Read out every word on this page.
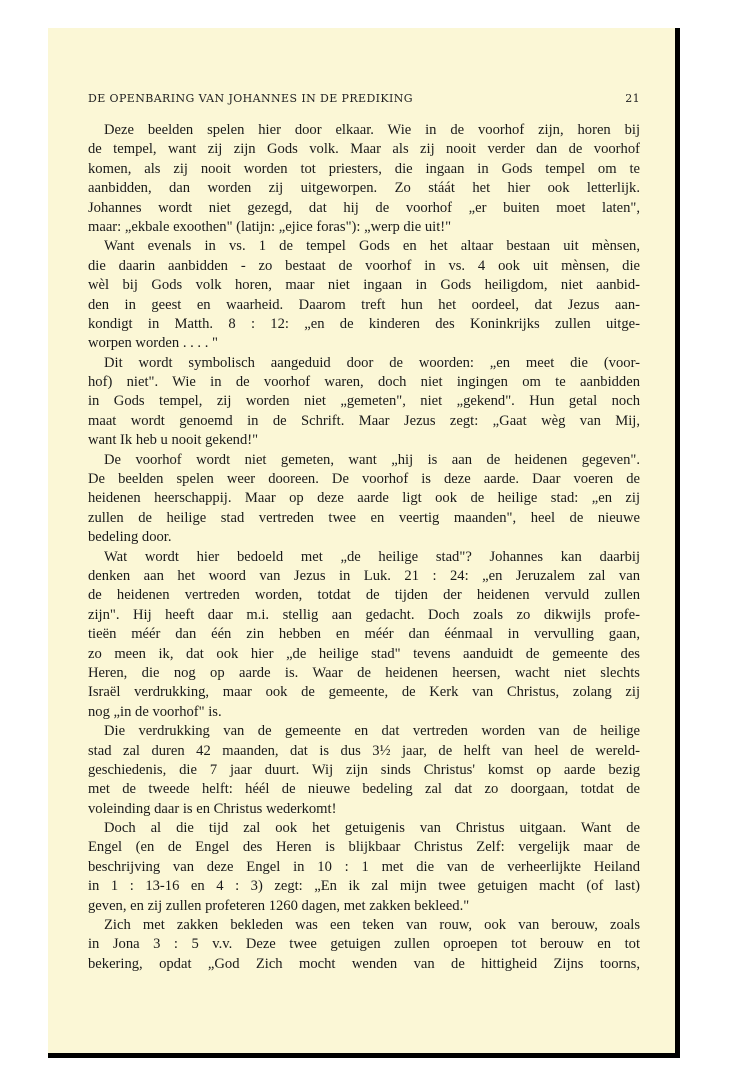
DE OPENBARING VAN JOHANNES IN DE PREDIKING	21
Deze beelden spelen hier door elkaar. Wie in de voorhof zijn, horen bij
de tempel, want zij zijn Gods volk. Maar als zij nooit verder dan de voorhof
komen, als zij nooit worden tot priesters, die ingaan in Gods tempel om te
aanbidden, dan worden zij uitgeworpen. Zo stáát het hier ook letterlijk.
Johannes wordt niet gezegd, dat hij de voorhof „er buiten moet laten",
maar: „ekbale exoothen" (latijn: „ejice foras"): „werp die uit!"
Want evenals in vs. 1 de tempel Gods en het altaar bestaan uit mènsen,
die daarin aanbidden - zo bestaat de voorhof in vs. 4 ook uit mènsen, die
wèl bij Gods volk horen, maar niet ingaan in Gods heiligdom, niet aanbid-
den in geest en waarheid. Daarom treft hun het oordeel, dat Jezus aan-
kondigt in Matth. 8 : 12: „en de kinderen des Koninkrijks zullen uitge-
worpen worden . . . . "
Dit wordt symbolisch aangeduid door de woorden: „en meet die (voor-
hof) niet". Wie in de voorhof waren, doch niet ingingen om te aanbidden
in Gods tempel, zij worden niet „gemeten", niet „gekend". Hun getal noch
maat wordt genoemd in de Schrift. Maar Jezus zegt: „Gaat wèg van Mij,
want Ik heb u nooit gekend!"
De voorhof wordt niet gemeten, want „hij is aan de heidenen gegeven".
De beelden spelen weer dooreen. De voorhof is deze aarde. Daar voeren de
heidenen heerschappij. Maar op deze aarde ligt ook de heilige stad: „en zij
zullen de heilige stad vertreden twee en veertig maanden", heel de nieuwe
bedeling door.
Wat wordt hier bedoeld met „de heilige stad"? Johannes kan daarbij
denken aan het woord van Jezus in Luk. 21 : 24: „en Jeruzalem zal van
de heidenen vertreden worden, totdat de tijden der heidenen vervuld zullen
zijn". Hij heeft daar m.i. stellig aan gedacht. Doch zoals zo dikwijls profe-
tieën méér dan één zin hebben en méér dan éénmaal in vervulling gaan,
zo meen ik, dat ook hier „de heilige stad" tevens aanduidt de gemeente des
Heren, die nog op aarde is. Waar de heidenen heersen, wacht niet slechts
Israël verdrukking, maar ook de gemeente, de Kerk van Christus, zolang zij
nog „in de voorhof" is.
Die verdrukking van de gemeente en dat vertreden worden van de heilige
stad zal duren 42 maanden, dat is dus 3½ jaar, de helft van heel de wereld-
geschiedenis, die 7 jaar duurt. Wij zijn sinds Christus' komst op aarde bezig
met de tweede helft: héél de nieuwe bedeling zal dat zo doorgaan, totdat de
voleinding daar is en Christus wederkomt!
Doch al die tijd zal ook het getuigenis van Christus uitgaan. Want de
Engel (en de Engel des Heren is blijkbaar Christus Zelf: vergelijk maar de
beschrijving van deze Engel in 10 : 1 met die van de verheerlijkte Heiland
in 1 : 13-16 en 4 : 3) zegt: „En ik zal mijn twee getuigen macht (of last)
geven, en zij zullen profeteren 1260 dagen, met zakken bekleed."
Zich met zakken bekleden was een teken van rouw, ook van berouw, zoals
in Jona 3 : 5 v.v. Deze twee getuigen zullen oproepen tot berouw en tot
bekering, opdat „God Zich mocht wenden van de hittigheid Zijns toorns,
